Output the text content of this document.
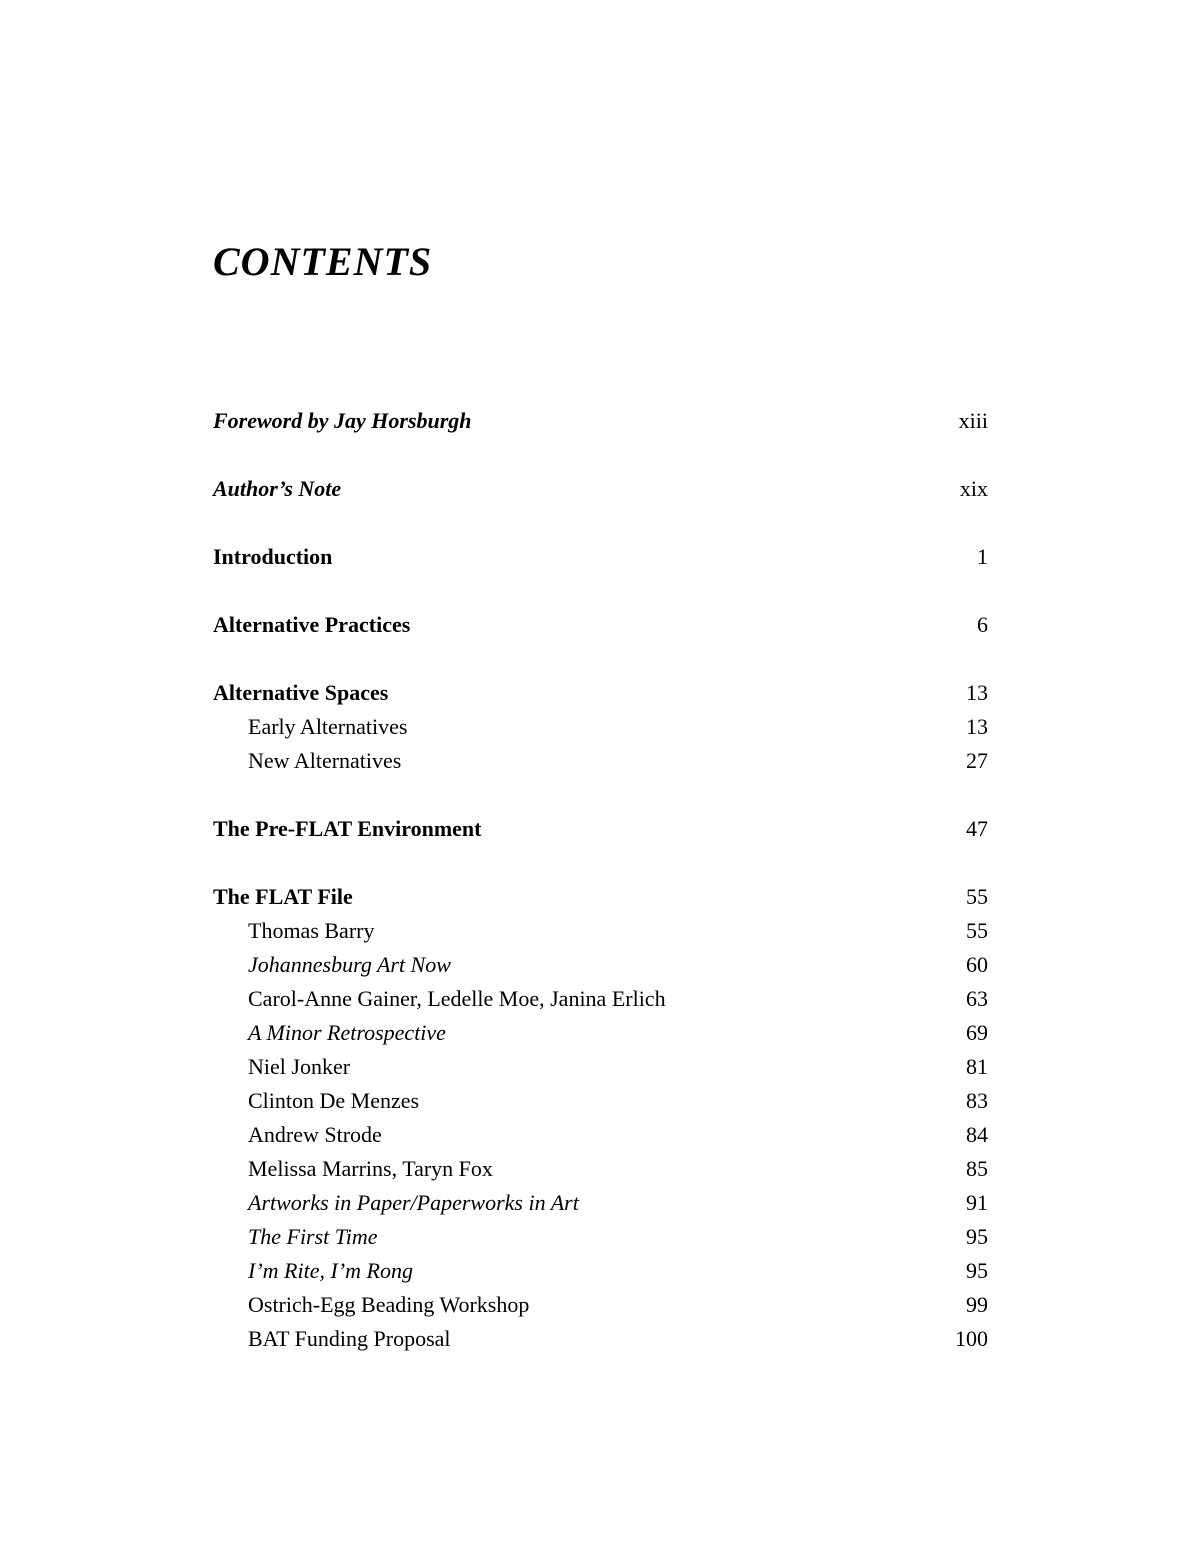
CONTENTS
Foreword by Jay Horsburgh	xiii
Author’s Note	xix
Introduction	1
Alternative Practices	6
Alternative Spaces	13
Early Alternatives	13
New Alternatives	27
The Pre-FLAT Environment	47
The FLAT File	55
Thomas Barry	55
Johannesburg Art Now	60
Carol-Anne Gainer, Ledelle Moe, Janina Erlich	63
A Minor Retrospective	69
Niel Jonker	81
Clinton De Menzes	83
Andrew Strode	84
Melissa Marrins, Taryn Fox	85
Artworks in Paper/Paperworks in Art	91
The First Time	95
I’m Rite, I’m Rong	95
Ostrich-Egg Beading Workshop	99
BAT Funding Proposal	100
